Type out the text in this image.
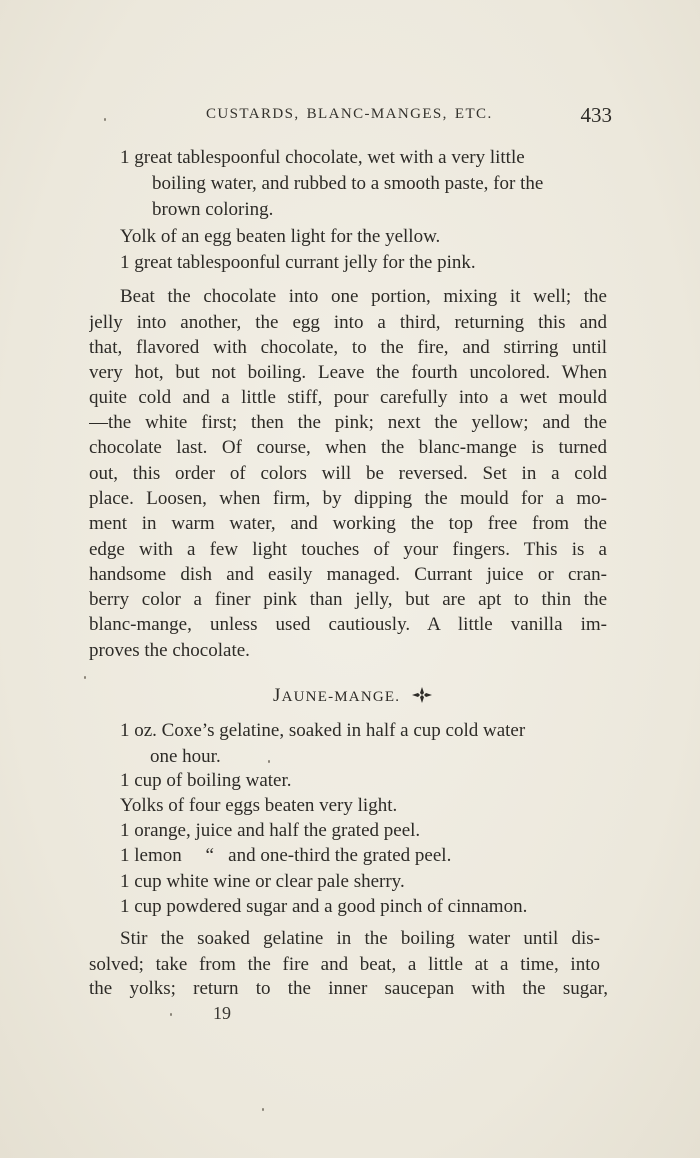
CUSTARDS, BLANC-MANGES, ETC.	433
1 great tablespoonful chocolate, wet with a very little
boiling water, and rubbed to a smooth paste, for the
brown coloring.
Yolk of an egg beaten light for the yellow.
1 great tablespoonful currant jelly for the pink.
Beat the chocolate into one portion, mixing it well; the
jelly into another, the egg into a third, returning this and
that, flavored with chocolate, to the fire, and stirring until
very hot, but not boiling. Leave the fourth uncolored. When
quite cold and a little stiff, pour carefully into a wet mould
—the white first; then the pink; next the yellow; and the
chocolate last. Of course, when the blanc-mange is turned
out, this order of colors will be reversed. Set in a cold
place. Loosen, when firm, by dipping the mould for a mo-
ment in warm water, and working the top free from the
edge with a few light touches of your fingers. This is a
handsome dish and easily managed. Currant juice or cran-
berry color a finer pink than jelly, but are apt to thin the
blanc-mange, unless used cautiously. A little vanilla im-
proves the chocolate.
JAUNE-MANGE.
1 oz. Coxe’s gelatine, soaked in half a cup cold water
one hour.
1 cup of boiling water.
Yolks of four eggs beaten very light.
1 orange, juice and half the grated peel.
1 lemon     “   and one-third the grated peel.
1 cup white wine or clear pale sherry.
1 cup powdered sugar and a good pinch of cinnamon.
Stir the soaked gelatine in the boiling water until dis-
solved; take from the fire and beat, a little at a time, into
the yolks; return to the inner saucepan with the sugar,
19
